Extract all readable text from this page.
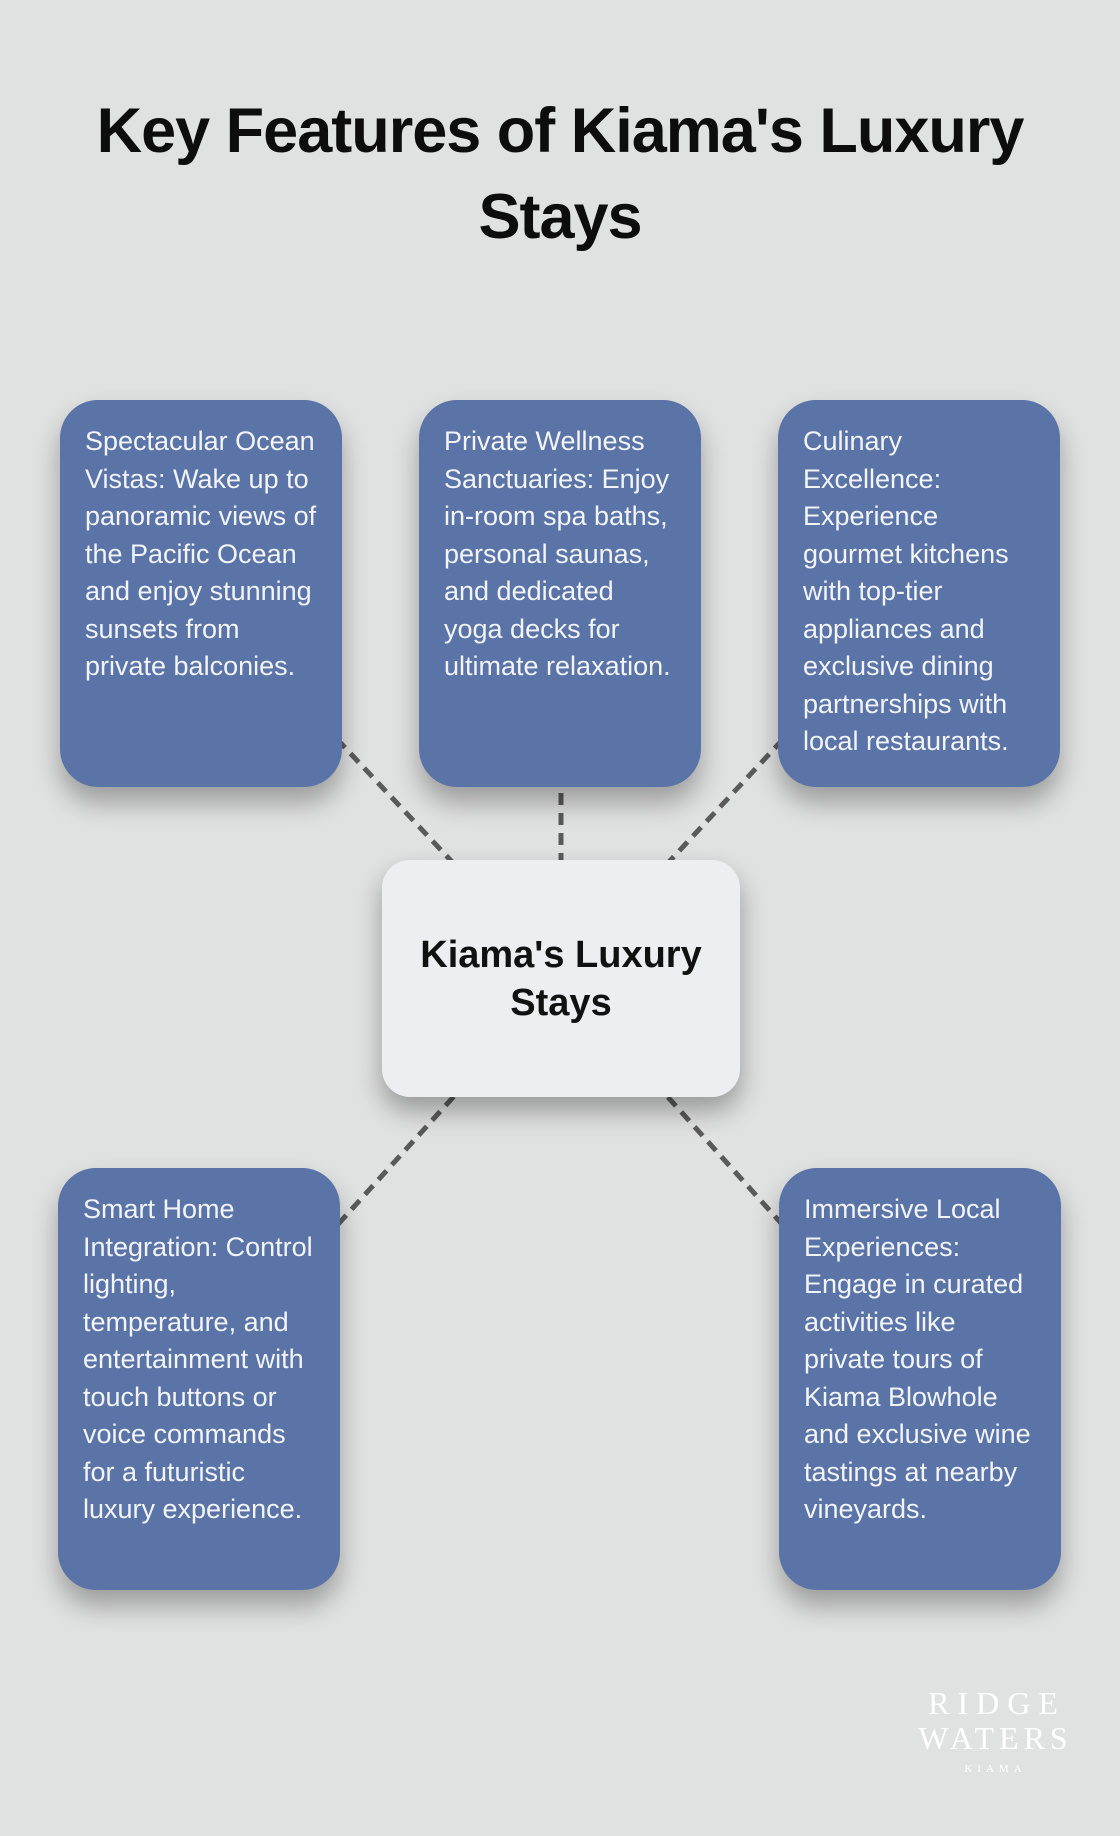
Key Features of Kiama's Luxury Stays
Spectacular Ocean Vistas: Wake up to panoramic views of the Pacific Ocean and enjoy stunning sunsets from private balconies.
Private Wellness Sanctuaries: Enjoy in-room spa baths, personal saunas, and dedicated yoga decks for ultimate relaxation.
Culinary Excellence: Experience gourmet kitchens with top-tier appliances and exclusive dining partnerships with local restaurants.
Kiama's Luxury Stays
Smart Home Integration: Control lighting, temperature, and entertainment with touch buttons or voice commands for a futuristic luxury experience.
Immersive Local Experiences: Engage in curated activities like private tours of Kiama Blowhole and exclusive wine tastings at nearby vineyards.
RIDGE
WATERS
KIAMA
